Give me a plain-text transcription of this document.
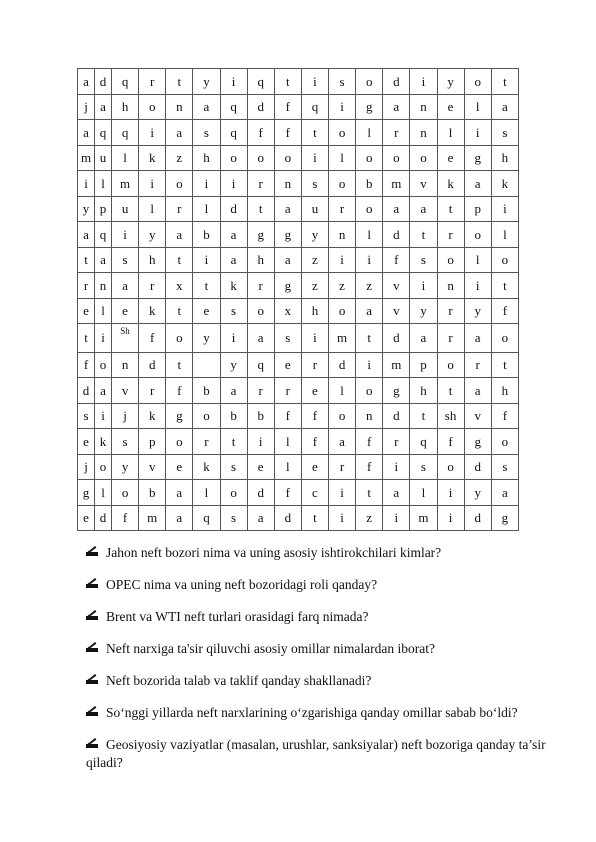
a	d	q	r	t	y	i	q	t	i	s	o	d	i	y	o	t
j	a	h	o	n	a	q	d	f	q	i	g	a	n	e	l	a
a	q	q	i	a	s	q	f	f	t	o	l	r	n	l	i	s
m	u	l	k	z	h	o	o	o	i	l	o	o	o	e	g	h
i	l	m	i	o	i	i	r	n	s	o	b	m	v	k	a	k
y	p	u	l	r	l	d	t	a	u	r	o	a	a	t	p	i
a	q	i	y	a	b	a	g	g	y	n	l	d	t	r	o	l
t	a	s	h	t	i	a	h	a	z	i	i	f	s	o	l	o
r	n	a	r	x	t	k	r	g	z	z	z	v	i	n	i	t
e	l	e	k	t	e	s	o	x	h	o	a	v	y	r	y	f
t	i	Sh	f	o	y	i	a	s	i	m	t	d	a	r	a	o
f	o	n	d	t		y	q	e	r	d	i	m	p	o	r	t
d	a	v	r	f	b	a	r	r	e	l	o	g	h	t	a	h
s	i	j	k	g	o	b	b	f	f	o	n	d	t	sh	v	f
e	k	s	p	o	r	t	i	l	f	a	f	r	q	f	g	o
j	o	y	v	e	k	s	e	l	e	r	f	i	s	o	d	s
g	l	o	b	a	l	o	d	f	c	i	t	a	l	i	y	a
e	d	f	m	a	q	s	a	d	t	i	z	i	m	i	d	g
Jahon neft bozori nima va uning asosiy ishtirokchilari kimlar?
OPEC nima va uning neft bozoridagi roli qanday?
Brent va WTI neft turlari orasidagi farq nimada?
Neft narxiga ta'sir qiluvchi asosiy omillar nimalardan iborat?
Neft bozorida talab va taklif qanday shakllanadi?
So‘nggi yillarda neft narxlarining o‘zgarishiga qanday omillar sabab bo‘ldi?
Geosiyosiy vaziyatlar (masalan, urushlar, sanksiyalar) neft bozoriga qanday ta’sir qiladi?
